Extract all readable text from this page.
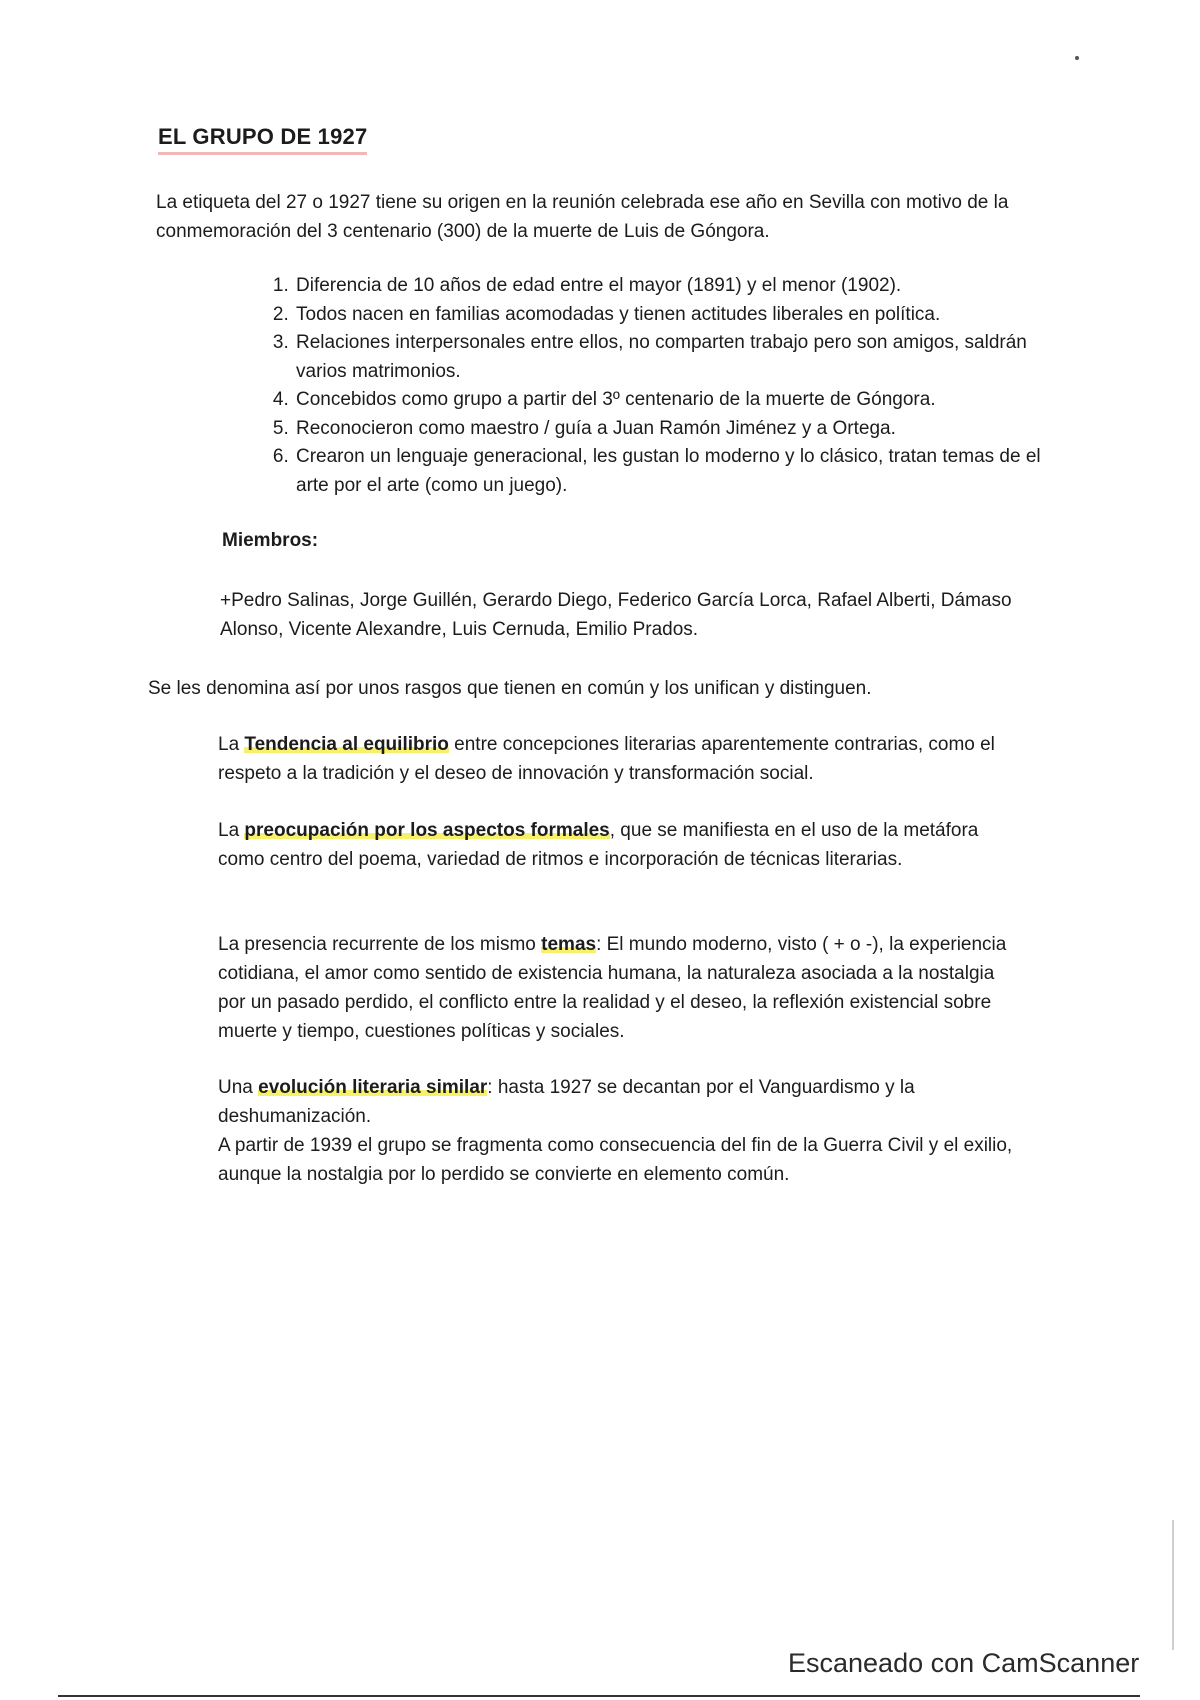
EL GRUPO DE 1927
La etiqueta del 27 o 1927 tiene su origen en la reunión celebrada ese año en Sevilla con motivo de la conmemoración del 3 centenario (300) de la muerte de Luis de Góngora.
1. Diferencia de 10 años de edad entre el mayor (1891) y el menor (1902).
2. Todos nacen en familias acomodadas y tienen actitudes liberales en política.
3. Relaciones interpersonales entre ellos, no comparten trabajo pero son amigos, saldrán varios matrimonios.
4. Concebidos como grupo a partir del 3º centenario de la muerte de Góngora.
5. Reconocieron como maestro / guía a Juan Ramón Jiménez y a Ortega.
6. Crearon un lenguaje generacional, les gustan lo moderno y lo clásico, tratan temas de el arte por el arte (como un juego).
Miembros:
+Pedro Salinas, Jorge Guillén, Gerardo Diego, Federico García Lorca, Rafael Alberti, Dámaso Alonso, Vicente Alexandre, Luis Cernuda, Emilio Prados.
Se les denomina así por unos rasgos que tienen en común y los unifican y distinguen.
La Tendencia al equilibrio entre concepciones literarias aparentemente contrarias, como el respeto a la tradición y el deseo de innovación y transformación social.
La preocupación por los aspectos formales, que se manifiesta en el uso de la metáfora como centro del poema, variedad de ritmos e incorporación de técnicas literarias.
La presencia recurrente de los mismo temas: El mundo moderno, visto ( + o -), la experiencia cotidiana, el amor como sentido de existencia humana, la naturaleza asociada a la nostalgia por un pasado perdido, el conflicto entre la realidad y el deseo, la reflexión existencial sobre muerte y tiempo, cuestiones políticas y sociales.
Una evolución literaria similar: hasta 1927 se decantan por el Vanguardismo y la deshumanización.
A partir de 1939 el grupo se fragmenta como consecuencia del fin de la Guerra Civil y el exilio, aunque la nostalgia por lo perdido se convierte en elemento común.
Escaneado con CamScanner
